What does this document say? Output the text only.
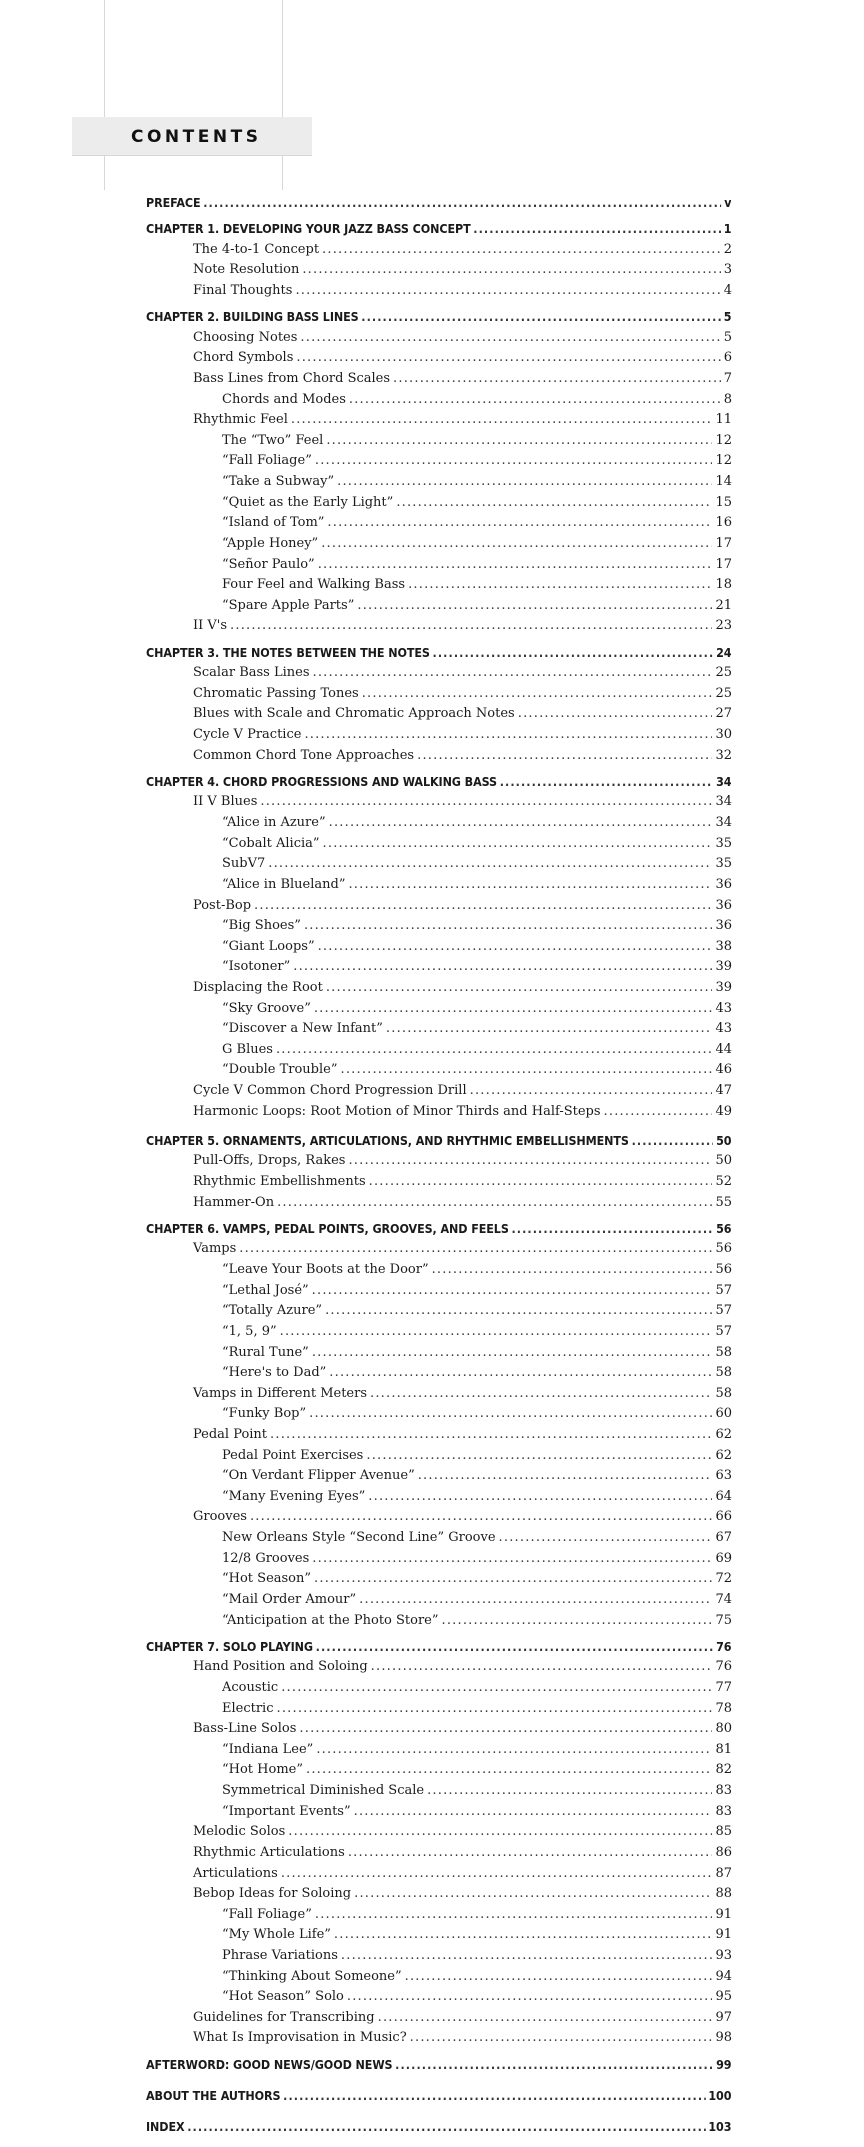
CONTENTS
PREFACE .....	v
CHAPTER 1. DEVELOPING YOUR JAZZ BASS CONCEPT .....	1
The 4-to-1 Concept .....	2
Note Resolution .....	3
Final Thoughts .....	4
CHAPTER 2. BUILDING BASS LINES .....	5
Choosing Notes .....	5
Chord Symbols .....	6
Bass Lines from Chord Scales .....	7
Chords and Modes .....	8
Rhythmic Feel .....	11
The “Two” Feel .....	12
“Fall Foliage” .....	12
“Take a Subway” .....	14
“Quiet as the Early Light” .....	15
“Island of Tom” .....	16
“Apple Honey” .....	17
“Señor Paulo” .....	17
Four Feel and Walking Bass .....	18
“Spare Apple Parts” .....	21
II V's .....	23
CHAPTER 3. THE NOTES BETWEEN THE NOTES .....	24
Scalar Bass Lines .....	25
Chromatic Passing Tones .....	25
Blues with Scale and Chromatic Approach Notes .....	27
Cycle V Practice .....	30
Common Chord Tone Approaches .....	32
CHAPTER 4. CHORD PROGRESSIONS AND WALKING BASS .....	34
II V Blues .....	34
“Alice in Azure” .....	34
“Cobalt Alicia” .....	35
SubV7 .....	35
“Alice in Blueland” .....	36
Post-Bop .....	36
“Big Shoes” .....	36
“Giant Loops” .....	38
“Isotoner” .....	39
Displacing the Root .....	39
“Sky Groove” .....	43
“Discover a New Infant” .....	43
G Blues .....	44
“Double Trouble” .....	46
Cycle V Common Chord Progression Drill .....	47
Harmonic Loops: Root Motion of Minor Thirds and Half-Steps .....	49
CHAPTER 5. ORNAMENTS, ARTICULATIONS, AND RHYTHMIC EMBELLISHMENTS .....	50
Pull-Offs, Drops, Rakes .....	50
Rhythmic Embellishments .....	52
Hammer-On .....	55
CHAPTER 6. VAMPS, PEDAL POINTS, GROOVES, AND FEELS .....	56
Vamps .....	56
“Leave Your Boots at the Door” .....	56
“Lethal José” .....	57
“Totally Azure” .....	57
“1, 5, 9” .....	57
“Rural Tune” .....	58
“Here's to Dad” .....	58
Vamps in Different Meters .....	58
“Funky Bop” .....	60
Pedal Point .....	62
Pedal Point Exercises .....	62
“On Verdant Flipper Avenue” .....	63
“Many Evening Eyes” .....	64
Grooves .....	66
New Orleans Style “Second Line” Groove .....	67
12/8 Grooves .....	69
“Hot Season” .....	72
“Mail Order Amour” .....	74
“Anticipation at the Photo Store” .....	75
CHAPTER 7. SOLO PLAYING .....	76
Hand Position and Soloing .....	76
Acoustic .....	77
Electric .....	78
Bass-Line Solos .....	80
“Indiana Lee” .....	81
“Hot Home” .....	82
Symmetrical Diminished Scale .....	83
“Important Events” .....	83
Melodic Solos .....	85
Rhythmic Articulations .....	86
Articulations .....	87
Bebop Ideas for Soloing .....	88
“Fall Foliage” .....	91
“My Whole Life” .....	91
Phrase Variations .....	93
“Thinking About Someone” .....	94
“Hot Season” Solo .....	95
Guidelines for Transcribing .....	97
What Is Improvisation in Music? .....	98
AFTERWORD: GOOD NEWS/GOOD NEWS .....	99
ABOUT THE AUTHORS .....	100
INDEX .....	103
